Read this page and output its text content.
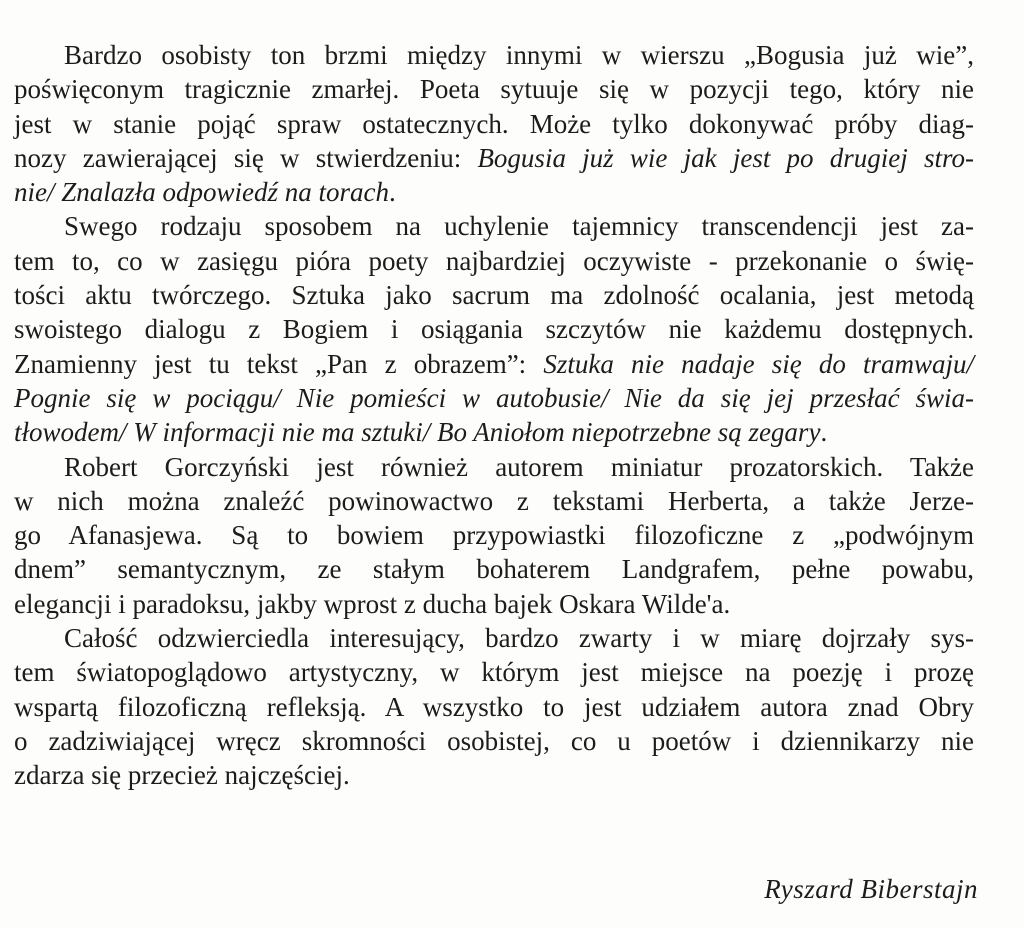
Bardzo osobisty ton brzmi między innymi w wierszu „Bogusia już wie”,
poświęconym tragicznie zmarłej. Poeta sytuuje się w pozycji tego, który nie
jest w stanie pojąć spraw ostatecznych. Może tylko dokonywać próby diag-
nozy zawierającej się w stwierdzeniu: Bogusia już wie jak jest po drugiej stro-
nie/ Znalazła odpowiedź na torach.
Swego rodzaju sposobem na uchylenie tajemnicy transcendencji jest za-
tem to, co w zasięgu pióra poety najbardziej oczywiste - przekonanie o świę-
tości aktu twórczego. Sztuka jako sacrum ma zdolność ocalania, jest metodą
swoistego dialogu z Bogiem i osiągania szczytów nie każdemu dostępnych.
Znamienny jest tu tekst „Pan z obrazem”: Sztuka nie nadaje się do tramwaju/
Pognie się w pociągu/ Nie pomieści w autobusie/ Nie da się jej przesłać świa-
tłowodem/ W informacji nie ma sztuki/ Bo Aniołom niepotrzebne są zegary.
Robert Gorczyński jest również autorem miniatur prozatorskich. Także
w nich można znaleźć powinowactwo z tekstami Herberta, a także Jerze-
go Afanasjewa. Są to bowiem przypowiastki filozoficzne z „podwójnym
dnem” semantycznym, ze stałym bohaterem Landgrafem, pełne powabu,
elegancji i paradoksu, jakby wprost z ducha bajek Oskara Wilde'a.
Całość odzwierciedla interesujący, bardzo zwarty i w miarę dojrzały sys-
tem światopoglądowo artystyczny, w którym jest miejsce na poezję i prozę
wspartą filozoficzną refleksją. A wszystko to jest udziałem autora znad Obry
o zadziwiającej wręcz skromności osobistej, co u poetów i dziennikarzy nie
zdarza się przecież najczęściej.
Ryszard Biberstajn
